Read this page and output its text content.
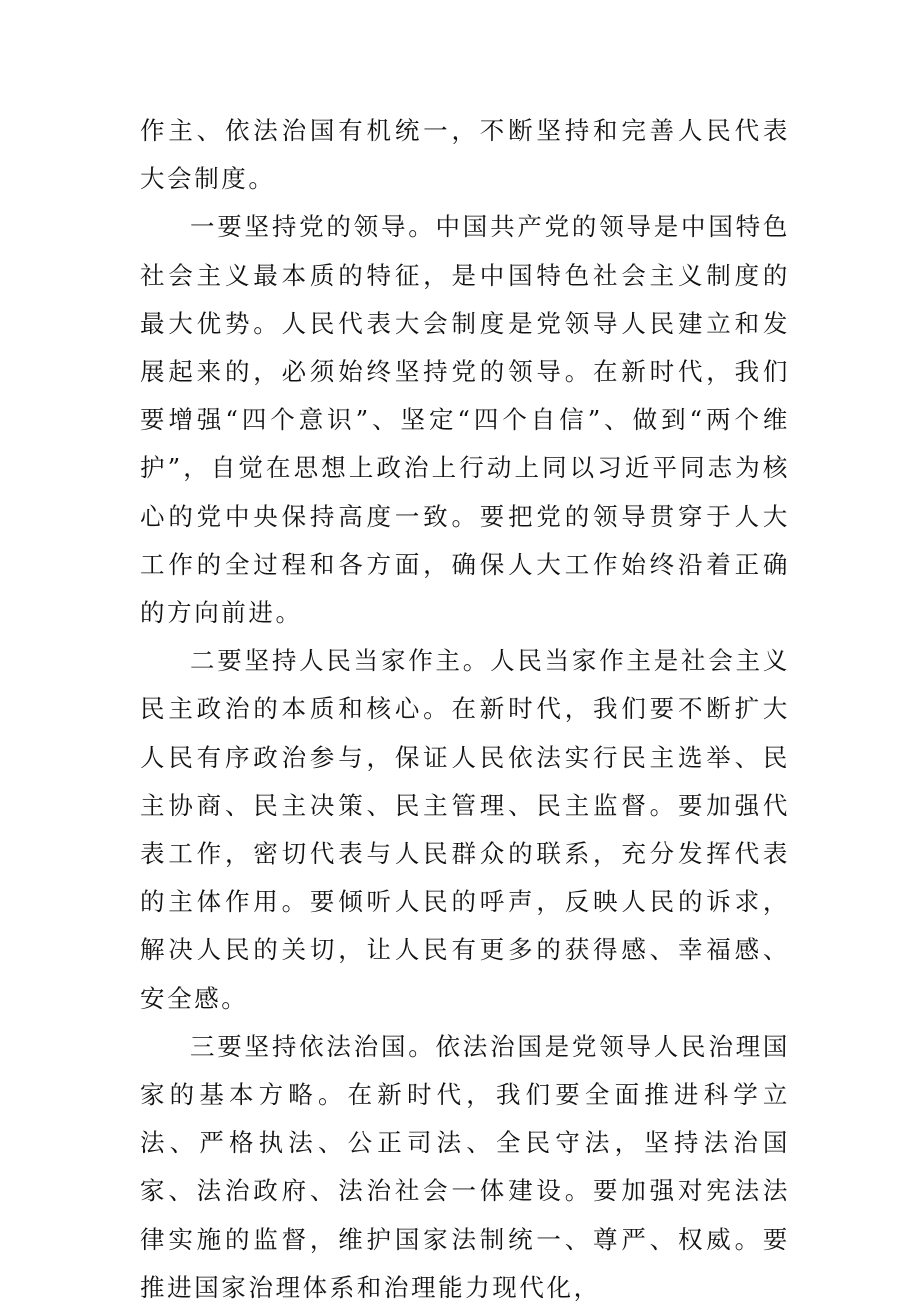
作主、依法治国有机统一，不断坚持和完善人民代表大会制度。

一要坚持党的领导。中国共产党的领导是中国特色社会主义最本质的特征，是中国特色社会主义制度的最大优势。人民代表大会制度是党领导人民建立和发展起来的，必须始终坚持党的领导。在新时代，我们要增强“四个意识”、坚定“四个自信”、做到“两个维护”，自觉在思想上政治上行动上同以习近平同志为核心的党中央保持高度一致。要把党的领导贯穿于人大工作的全过程和各方面，确保人大工作始终沿着正确的方向前进。

二要坚持人民当家作主。人民当家作主是社会主义民主政治的本质和核心。在新时代，我们要不断扩大人民有序政治参与，保证人民依法实行民主选举、民主协商、民主决策、民主管理、民主监督。要加强代表工作，密切代表与人民群众的联系，充分发挥代表的主体作用。要倾听人民的呼声，反映人民的诉求，解决人民的关切，让人民有更多的获得感、幸福感、安全感。

三要坚持依法治国。依法治国是党领导人民治理国家的基本方略。在新时代，我们要全面推进科学立法、严格执法、公正司法、全民守法，坚持法治国家、法治政府、法治社会一体建设。要加强对宪法法律实施的监督，维护国家法制统一、尊严、权威。要推进国家治理体系和治理能力现代化，
